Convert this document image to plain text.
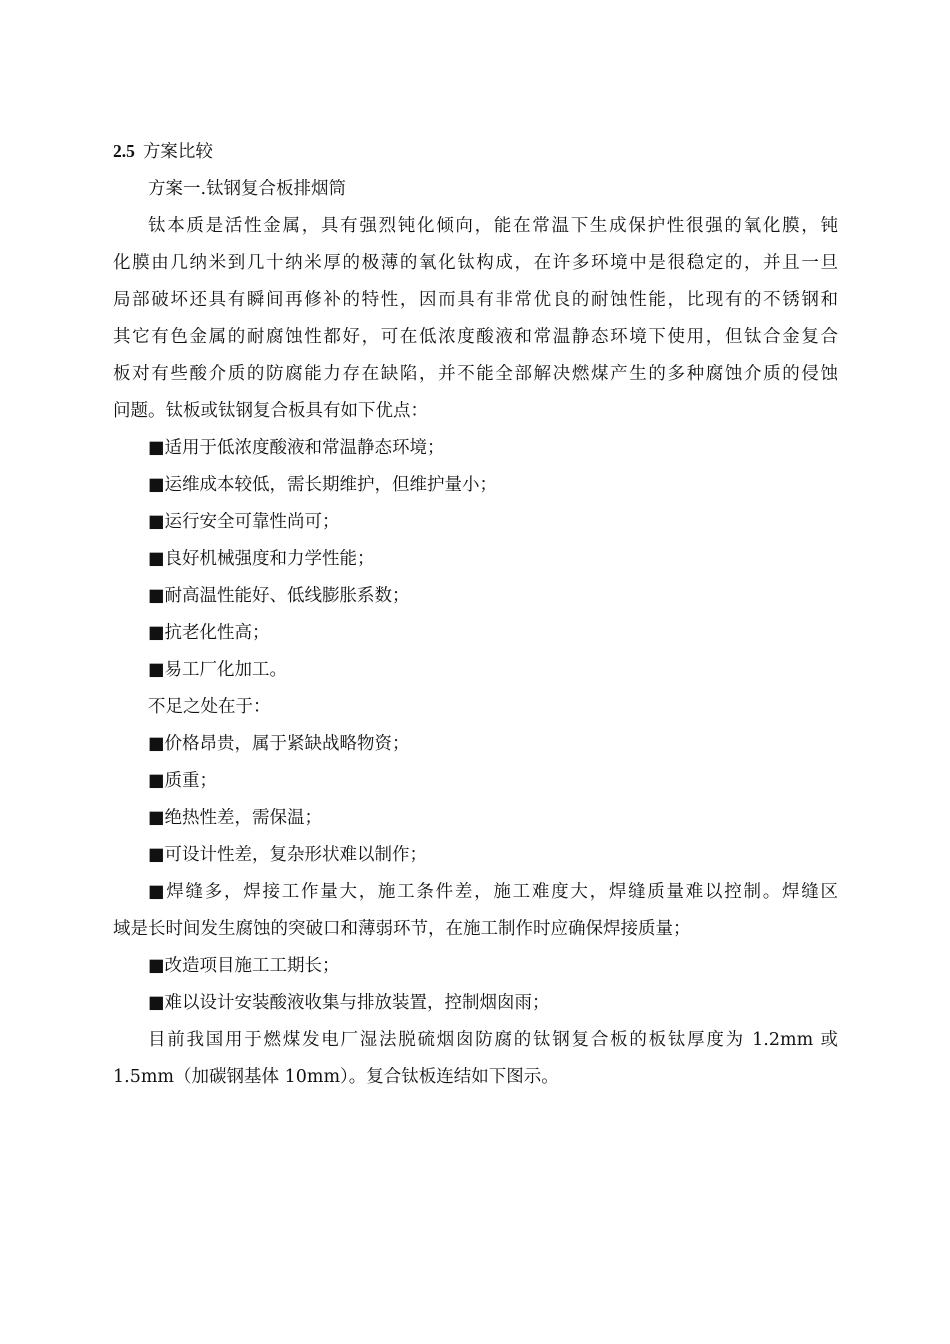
2.5 方案比较

方案一.钛钢复合板排烟筒

钛本质是活性金属，具有强烈钝化倾向，能在常温下生成保护性很强的氧化膜，钝

化膜由几纳米到几十纳米厚的极薄的氧化钛构成，在许多环境中是很稳定的，并且一旦

局部破坏还具有瞬间再修补的特性，因而具有非常优良的耐蚀性能，比现有的不锈钢和

其它有色金属的耐腐蚀性都好，可在低浓度酸液和常温静态环境下使用，但钛合金复合

板对有些酸介质的防腐能力存在缺陷，并不能全部解决燃煤产生的多种腐蚀介质的侵蚀

问题。钛板或钛钢复合板具有如下优点：

■适用于低浓度酸液和常温静态环境；

■运维成本较低，需长期维护，但维护量小；

■运行安全可靠性尚可；

■良好机械强度和力学性能；

■耐高温性能好、低线膨胀系数；

■抗老化性高；

■易工厂化加工。

不足之处在于：

■价格昂贵，属于紧缺战略物资；

■质重；

■绝热性差，需保温；

■可设计性差，复杂形状难以制作；

■焊缝多，焊接工作量大，施工条件差，施工难度大，焊缝质量难以控制。焊缝区

域是长时间发生腐蚀的突破口和薄弱环节，在施工制作时应确保焊接质量；

■改造项目施工工期长；

■难以设计安装酸液收集与排放装置，控制烟囱雨；

目前我国用于燃煤发电厂湿法脱硫烟囱防腐的钛钢复合板的板钛厚度为 1.2mm 或

1.5mm（加碳钢基体 10mm）。复合钛板连结如下图示。
